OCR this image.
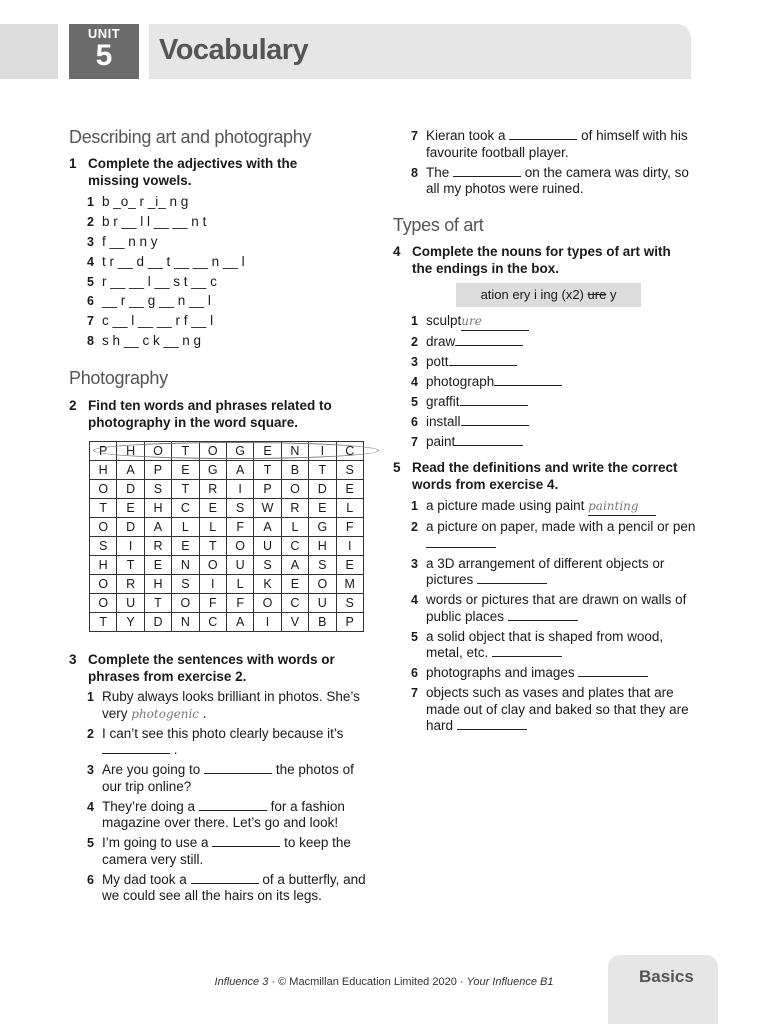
UNIT
5	Vocabulary
Describing art and photography
1 Complete the adjectives with the missing vowels.
1 b _o_ r _i_ n g
2 b r __ l l __ __ n t
3 f __ n n y
4 t r __ d __ t __ __ n __ l
5 r __ __ l __ s t __ c
6 __ r __ g __ n __ l
7 c __ l __ __ r f __ l
8 s h __ c k __ n g
Photography
2 Find ten words and phrases related to photography in the word square.
P	H	O	T	O	G	E	N	I	C
H	A	P	E	G	A	T	B	T	S
O	D	S	T	R	I	P	O	D	E
T	E	H	C	E	S	W	R	E	L
O	D	A	L	L	F	A	L	G	F
S	I	R	E	T	O	U	C	H	I
H	T	E	N	O	U	S	A	S	E
O	R	H	S	I	L	K	E	O	M
O	U	T	O	F	F	O	C	U	S
T	Y	D	N	C	A	I	V	B	P
3 Complete the sentences with words or phrases from exercise 2.
1 Ruby always looks brilliant in photos. She’s very photogenic .
2 I can’t see this photo clearly because it’s  .
3 Are you going to	the photos of our trip online?
4 They’re doing a	for a fashion magazine over there. Let’s go and look!
5 I’m going to use a	to keep the camera very still.
6 My dad took a	of a butterfly, and we could see all the hairs on its legs.
7 Kieran took a	of himself with his favourite football player.
8 The	on the camera was dirty, so all my photos were ruined.
Types of art
4 Complete the nouns for types of art with the endings in the box.
ation ery i ing (x2) ure y
1 sculpture
2 draw
3 pott
4 photograph
5 graffit
6 install
7 paint
5 Read the definitions and write the correct words from exercise 4.
1 a picture made using paint painting
2 a picture on paper, made with a pencil or pen
3 a 3D arrangement of different objects or pictures
4 words or pictures that are drawn on walls of public places
5 a solid object that is shaped from wood, metal, etc.
6 photographs and images
7 objects such as vases and plates that are made out of clay and baked so that they are hard
Influence 3 · © Macmillan Education Limited 2020 · Your Influence B1	Basics
